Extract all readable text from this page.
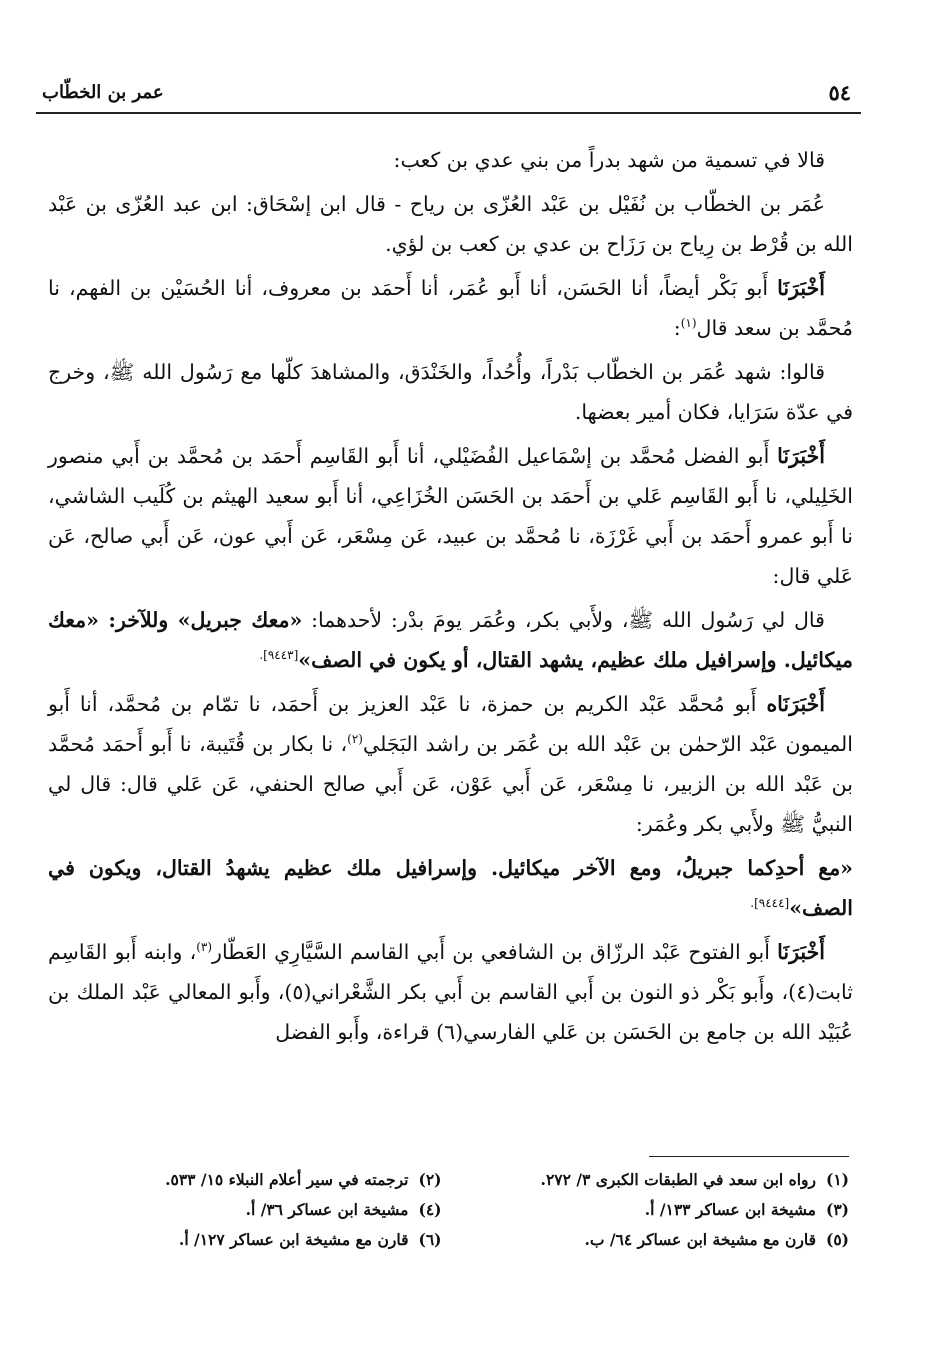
٥٤
عمر بن الخطّاب

قالا في تسمية من شهد بدراً من بني عدي بن كعب:

عُمَر بن الخطّاب بن نُفَيْل بن عَبْد العُزّى بن رياح - قال ابن إسْحَاق: ابن عبد العُزّى بن عَبْد الله بن قُرْط بن رِياح بن رَزَاح بن عدي بن كعب بن لؤي.

أَخْبَرَنَا أَبو بَكْر أيضاً، أنا الحَسَن، أنا أَبو عُمَر، أنا أَحمَد بن معروف، أنا الحُسَيْن بن الفهم، نا مُحمَّد بن سعد قال$^{(١)}$:

قالوا: شهد عُمَر بن الخطّاب بَدْراً، وأُحُداً، والخَنْدَق، والمشاهدَ كلّها مع رَسُول الله ﷺ، وخرج في عدّة سَرَايا، فكان أمير بعضها.

أَخْبَرَنَا أَبو الفضل مُحمَّد بن إسْمَاعيل الفُضَيْلي، أنا أَبو القَاسِم أَحمَد بن مُحمَّد بن أَبي منصور الخَلِيلي، نا أَبو القَاسِم عَلي بن أَحمَد بن الحَسَن الخُزَاعِي، أنا أَبو سعيد الهيثم بن كُلَيب الشاشي، نا أَبو عمرو أَحمَد بن أَبي غَرْزَة، نا مُحمَّد بن عبيد، عَن مِسْعَر، عَن أَبي عون، عَن أَبي صالح، عَن عَلي قال:

قال لي رَسُول الله ﷺ، ولأَبي بكر، وعُمَر يومَ بدْر: لأحدهما: «معك جبريل» وللآخر: «معك ميكائيل. وإسرافيل ملك عظيم، يشهد القتال، أو يكون في الصف»$^{[٩٤٤٣].}$

أَخْبَرَنَاه أَبو مُحمَّد عَبْد الكريم بن حمزة، نا عَبْد العزيز بن أَحمَد، نا تمّام بن مُحمَّد، أنا أَبو الميمون عَبْد الرّحمٰن بن عَبْد الله بن عُمَر بن راشد البَجَلي$^{(٢)}$، نا بكار بن قُتَيبة، نا أَبو أَحمَد مُحمَّد بن عَبْد الله بن الزبير، نا مِسْعَر، عَن أَبي عَوْن، عَن أَبي صالح الحنفي، عَن عَلي قال: قال لي النبيُّ ﷺ ولأَبي بكر وعُمَر:

«مع أحدِكما جبريلُ، ومع الآخر ميكائيل. وإسرافيل ملك عظيم يشهدُ القتال، ويكون في الصف»$^{[٩٤٤٤].}$

أَخْبَرَنَا أَبو الفتوح عَبْد الرزّاق بن الشافعي بن أَبي القاسم السَّيَّارِي العَطّار$^{(٣)}$، وابنه أَبو القَاسِم ثابت(٤)، وأَبو بَكْر ذو النون بن أَبي القاسم بن أَبي بكر الشَّعْراني(٥)، وأَبو المعالي عَبْد الملك بن عُبَيْد الله بن جامع بن الحَسَن بن عَلي الفارسي(٦) قراءة، وأَبو الفضل

(١)رواه ابن سعد في الطبقات الكبرى ٣/ ٢٧٢.
(٢)ترجمته في سير أعلام النبلاء ١٥/ ٥٣٣.
(٣)مشيخة ابن عساكر ١٣٣/ أ.
(٤)مشيخة ابن عساكر ٣٦/ أ.
(٥)قارن مع مشيخة ابن عساكر ٦٤/ ب.
(٦)قارن مع مشيخة ابن عساكر ١٢٧/ أ.
